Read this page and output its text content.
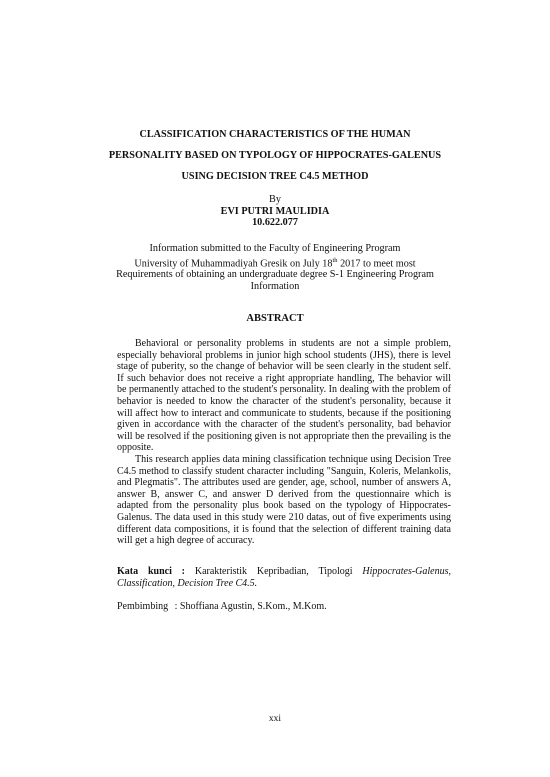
CLASSIFICATION CHARACTERISTICS OF THE HUMAN
PERSONALITY BASED ON TYPOLOGY OF HIPPOCRATES-GALENUS
USING DECISION TREE C4.5 METHOD
By
EVI PUTRI MAULIDIA
10.622.077
Information submitted to the Faculty of Engineering Program
University of Muhammadiyah Gresik on July 18th 2017 to meet most
Requirements of obtaining an undergraduate degree S-1 Engineering Program
Information
ABSTRACT

Behavioral or personality problems in students are not a simple problem, especially behavioral problems in junior high school students (JHS), there is level stage of puberity, so the change of behavior will be seen clearly in the student self. If such behavior does not receive a right appropriate handling, The behavior will be permanently attached to the student's personality. In dealing with the problem of behavior is needed to know the character of the student's personality, because it will affect how to interact and communicate to students, because if the positioning given in accordance with the character of the student's personality, bad behavior will be resolved if the positioning given is not appropriate then the prevailing is the opposite.

This research applies data mining classification technique using Decision Tree C4.5 method to classify student character including "Sanguin, Koleris, Melankolis, and Plegmatis". The attributes used are gender, age, school, number of answers A, answer B, answer C, and answer D derived from the questionnaire which is adapted from the personality plus book based on the typology of Hippocrates-Galenus. The data used in this study were 210 datas, out of five experiments using different data compositions, it is found that the selection of different training data will get a high degree of accuracy.

Kata kunci : Karakteristik Kepribadian, Tipologi Hippocrates-Galenus, Classification, Decision Tree C4.5.
Pembimbing : Shoffiana Agustin, S.Kom., M.Kom.
xxi
